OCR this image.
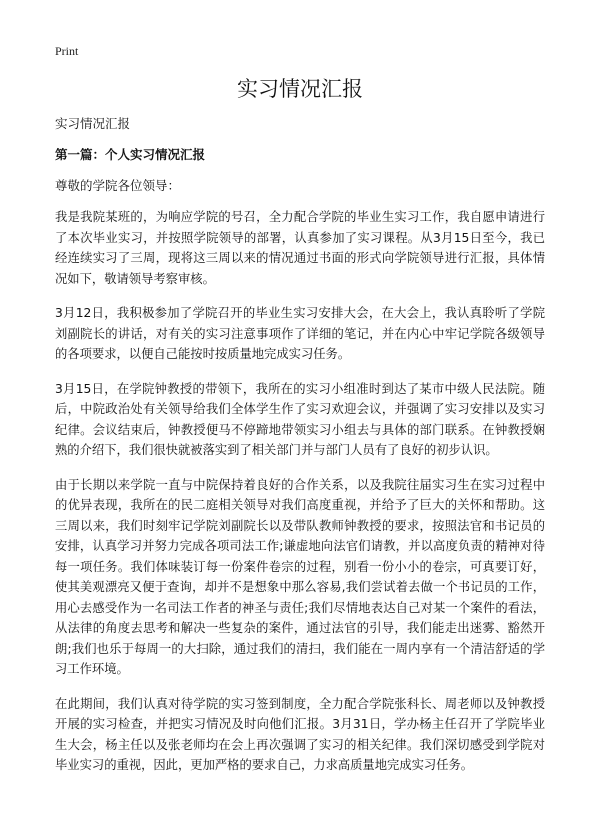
Print
实习情况汇报
实习情况汇报
第一篇：个人实习情况汇报
尊敬的学院各位领导：

我是我院某班的，为响应学院的号召，全力配合学院的毕业生实习工作，我自愿申请进行了本次毕业实习，并按照学院领导的部署，认真参加了实习课程。从3月15日至今，我已经连续实习了三周，现将这三周以来的情况通过书面的形式向学院领导进行汇报，具体情况如下，敬请领导考察审核。

3月12日，我积极参加了学院召开的毕业生实习安排大会，在大会上，我认真聆听了学院刘副院长的讲话，对有关的实习注意事项作了详细的笔记，并在内心中牢记学院各级领导的各项要求，以便自己能按时按质量地完成实习任务。

3月15日，在学院钟教授的带领下，我所在的实习小组准时到达了某市中级人民法院。随后，中院政治处有关领导给我们全体学生作了实习欢迎会议，并强调了实习安排以及实习纪律。会议结束后，钟教授便马不停蹄地带领实习小组去与具体的部门联系。在钟教授娴熟的介绍下，我们很快就被落实到了相关部门并与部门人员有了良好的初步认识。

由于长期以来学院一直与中院保持着良好的合作关系，以及我院往届实习生在实习过程中的优异表现，我所在的民二庭相关领导对我们高度重视，并给予了巨大的关怀和帮助。这三周以来，我们时刻牢记学院刘副院长以及带队教师钟教授的要求，按照法官和书记员的安排，认真学习并努力完成各项司法工作;谦虚地向法官们请教，并以高度负责的精神对待每一项任务。我们体味装订每一份案件卷宗的过程，别看一份小小的卷宗，可真要订好，使其美观漂亮又便于查询，却并不是想象中那么容易,我们尝试着去做一个书记员的工作，用心去感受作为一名司法工作者的神圣与责任;我们尽情地表达自己对某一个案件的看法，从法律的角度去思考和解决一些复杂的案件，通过法官的引导，我们能走出迷雾、豁然开朗;我们也乐于每周一的大扫除，通过我们的清扫，我们能在一周内享有一个清洁舒适的学习工作环境。

在此期间，我们认真对待学院的实习签到制度，全力配合学院张科长、周老师以及钟教授开展的实习检查，并把实习情况及时向他们汇报。3月31日，学办杨主任召开了学院毕业生大会，杨主任以及张老师均在会上再次强调了实习的相关纪律。我们深切感受到学院对毕业实习的重视，因此，更加严格的要求自己，力求高质量地完成实习任务。
